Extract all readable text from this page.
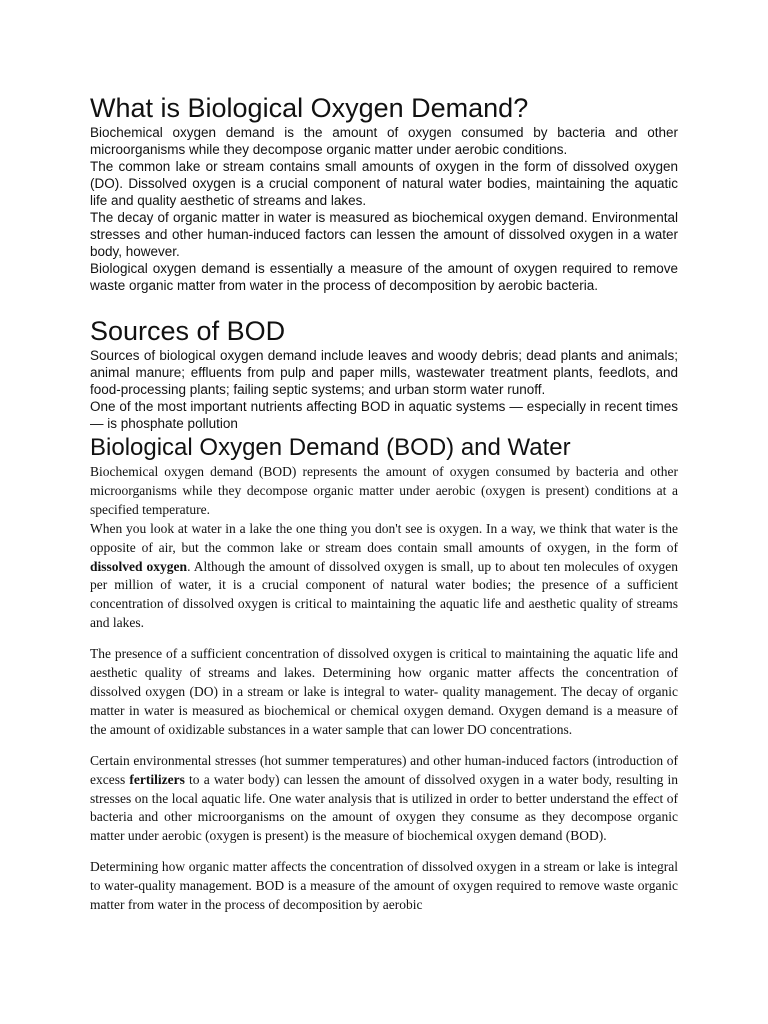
What is Biological Oxygen Demand?

Biochemical oxygen demand is the amount of oxygen consumed by bacteria and other microorganisms while they decompose organic matter under aerobic conditions.

The common lake or stream contains small amounts of oxygen in the form of dissolved oxygen (DO). Dissolved oxygen is a crucial component of natural water bodies, maintaining the aquatic life and quality aesthetic of streams and lakes.

The decay of organic matter in water is measured as biochemical oxygen demand. Environmental stresses and other human-induced factors can lessen the amount of dissolved oxygen in a water body, however.

Biological oxygen demand is essentially a measure of the amount of oxygen required to remove waste organic matter from water in the process of decomposition by aerobic bacteria.

Sources of BOD

Sources of biological oxygen demand include leaves and woody debris; dead plants and animals; animal manure; effluents from pulp and paper mills, wastewater treatment plants, feedlots, and food-processing plants; failing septic systems; and urban storm water runoff.

One of the most important nutrients affecting BOD in aquatic systems — especially in recent times — is phosphate pollution

Biological Oxygen Demand (BOD) and Water

Biochemical oxygen demand (BOD) represents the amount of oxygen consumed by bacteria and other microorganisms while they decompose organic matter under aerobic (oxygen is present) conditions at a specified temperature.

When you look at water in a lake the one thing you don't see is oxygen. In a way, we think that water is the opposite of air, but the common lake or stream does contain small amounts of oxygen, in the form of dissolved oxygen. Although the amount of dissolved oxygen is small, up to about ten molecules of oxygen per million of water, it is a crucial component of natural water bodies; the presence of a sufficient concentration of dissolved oxygen is critical to maintaining the aquatic life and aesthetic quality of streams and lakes.

The presence of a sufficient concentration of dissolved oxygen is critical to maintaining the aquatic life and aesthetic quality of streams and lakes. Determining how organic matter affects the concentration of dissolved oxygen (DO) in a stream or lake is integral to water- quality management. The decay of organic matter in water is measured as biochemical or chemical oxygen demand. Oxygen demand is a measure of the amount of oxidizable substances in a water sample that can lower DO concentrations.

Certain environmental stresses (hot summer temperatures) and other human-induced factors (introduction of excess fertilizers to a water body) can lessen the amount of dissolved oxygen in a water body, resulting in stresses on the local aquatic life. One water analysis that is utilized in order to better understand the effect of bacteria and other microorganisms on the amount of oxygen they consume as they decompose organic matter under aerobic (oxygen is present) is the measure of biochemical oxygen demand (BOD).

Determining how organic matter affects the concentration of dissolved oxygen in a stream or lake is integral to water-quality management. BOD is a measure of the amount of oxygen required to remove waste organic matter from water in the process of decomposition by aerobic
